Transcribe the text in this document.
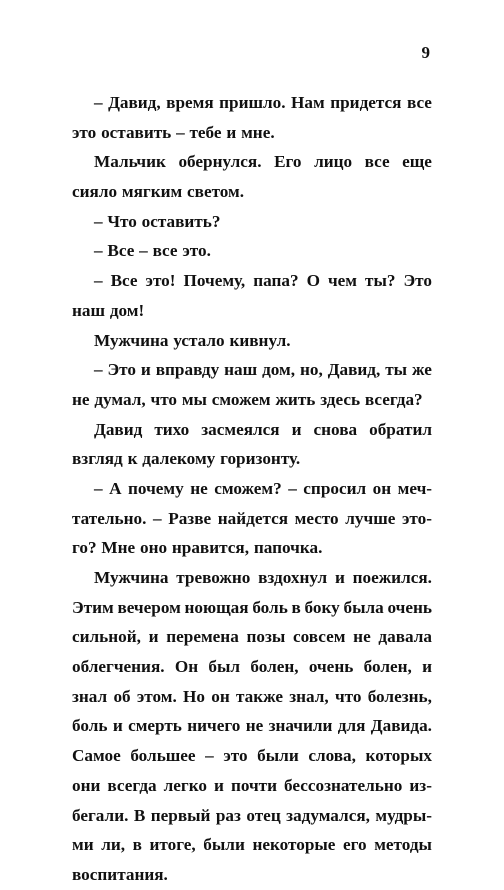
9
– Давид, время пришло. Нам придется все
это оставить – тебе и мне.
Мальчик обернулся. Его лицо все еще
сияло мягким светом.
– Что оставить?
– Все – все это.
– Все это! Почему, папа? О чем ты? Это
наш дом!
Мужчина устало кивнул.
– Это и вправду наш дом, но, Давид, ты же
не думал, что мы сможем жить здесь всегда?
Давид тихо засмеялся и снова обратил
взгляд к далекому горизонту.
– А почему не сможем? – спросил он меч-
тательно. – Разве найдется место лучше это-
го? Мне оно нравится, папочка.
Мужчина тревожно вздохнул и поежился.
Этим вечером ноющая боль в боку была очень
сильной, и перемена позы совсем не давала
облегчения. Он был болен, очень болен, и
знал об этом. Но он также знал, что болезнь,
боль и смерть ничего не значили для Давида.
Самое большее – это были слова, которых
они всегда легко и почти бессознательно из-
бегали. В первый раз отец задумался, мудры-
ми ли, в итоге, были некоторые его методы
воспитания.
